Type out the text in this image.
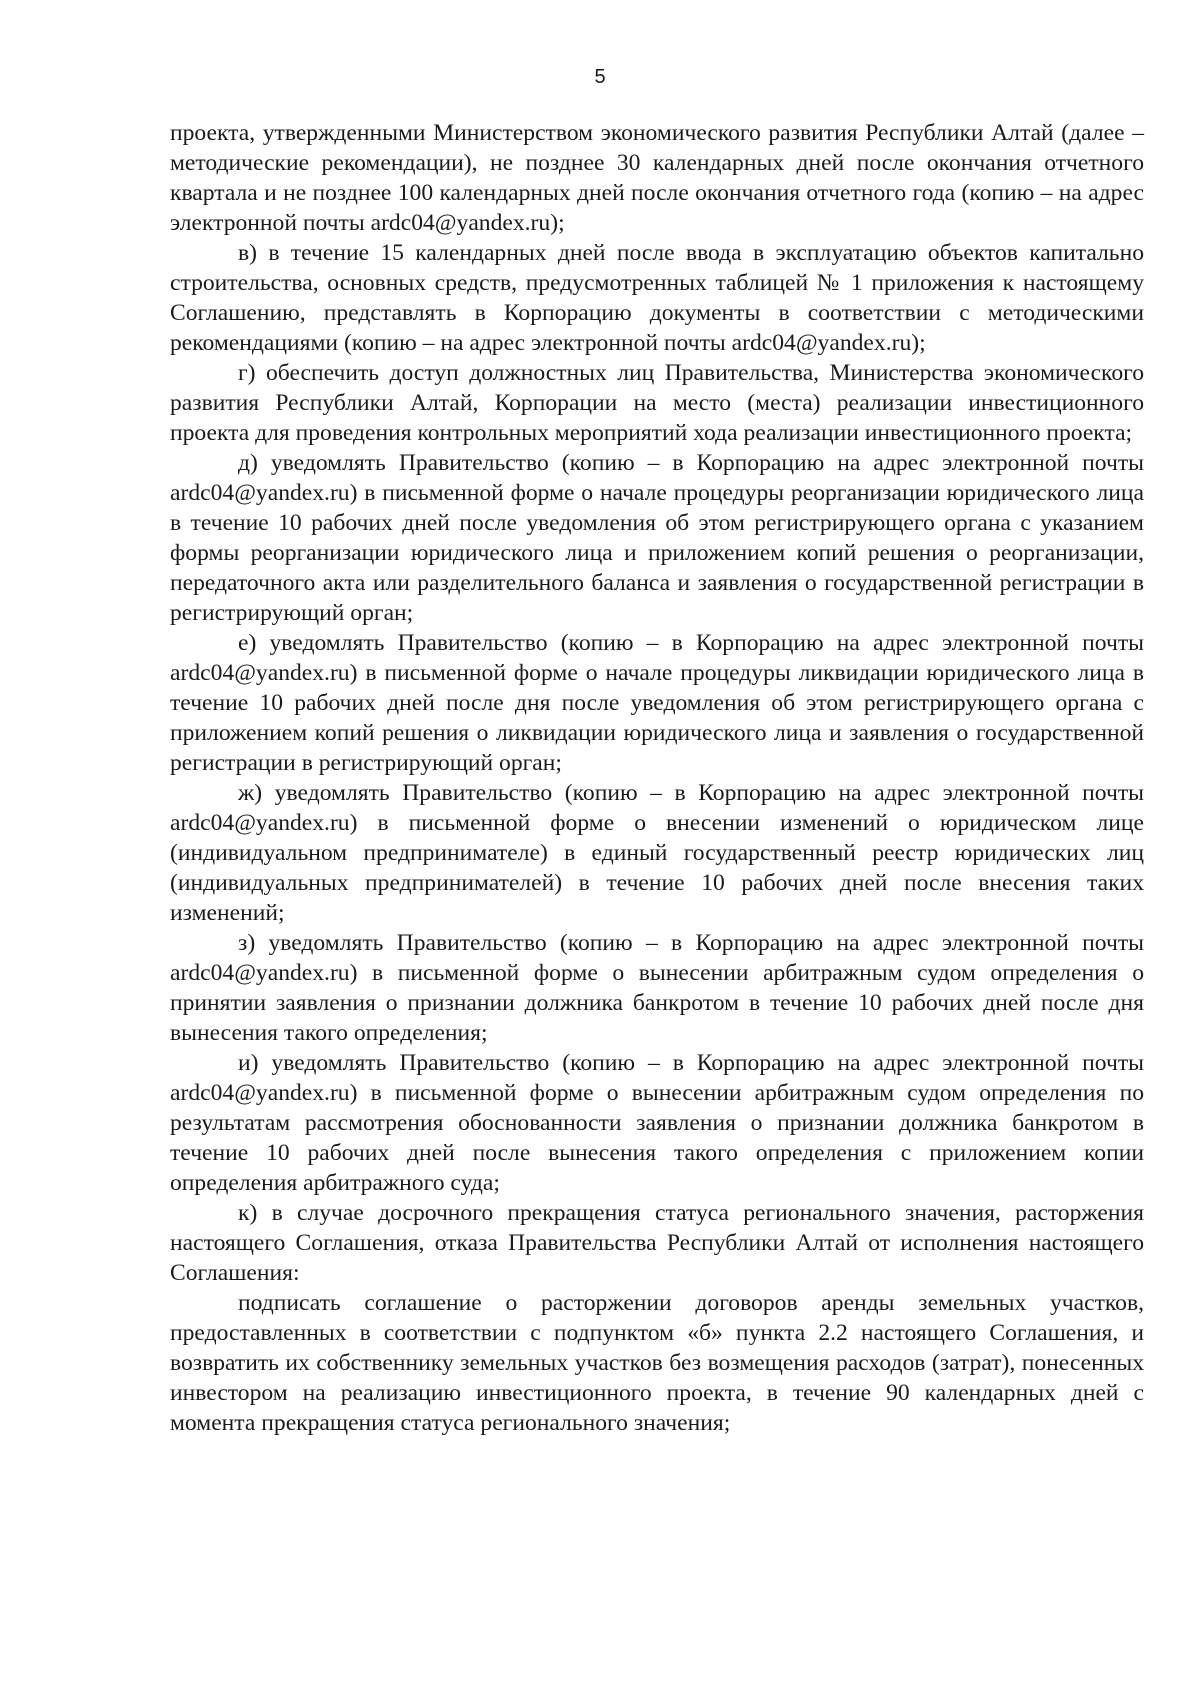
5

проекта, утвержденными Министерством экономического развития Республики Алтай (далее – методические рекомендации), не позднее 30 календарных дней после окончания отчетного квартала и не позднее 100 календарных дней после окончания отчетного года (копию – на адрес электронной почты ardc04@yandex.ru);

в) в течение 15 календарных дней после ввода в эксплуатацию объектов капитально строительства, основных средств, предусмотренных таблицей № 1 приложения к настоящему Соглашению, представлять в Корпорацию документы в соответствии с методическими рекомендациями (копию – на адрес электронной почты ardc04@yandex.ru);

г) обеспечить доступ должностных лиц Правительства, Министерства экономического развития Республики Алтай, Корпорации на место (места) реализации инвестиционного проекта для проведения контрольных мероприятий хода реализации инвестиционного проекта;

д) уведомлять Правительство (копию – в Корпорацию на адрес электронной почты ardc04@yandex.ru) в письменной форме о начале процедуры реорганизации юридического лица в течение 10 рабочих дней после уведомления об этом регистрирующего органа с указанием формы реорганизации юридического лица и приложением копий решения о реорганизации, передаточного акта или разделительного баланса и заявления о государственной регистрации в регистрирующий орган;

е) уведомлять Правительство (копию – в Корпорацию на адрес электронной почты ardc04@yandex.ru) в письменной форме о начале процедуры ликвидации юридического лица в течение 10 рабочих дней после дня после уведомления об этом регистрирующего органа с приложением копий решения о ликвидации юридического лица и заявления о государственной регистрации в регистрирующий орган;

ж) уведомлять Правительство (копию – в Корпорацию на адрес электронной почты ardc04@yandex.ru) в письменной форме о внесении изменений о юридическом лице (индивидуальном предпринимателе) в единый государственный реестр юридических лиц (индивидуальных предпринимателей) в течение 10 рабочих дней после внесения таких изменений;

з) уведомлять Правительство (копию – в Корпорацию на адрес электронной почты ardc04@yandex.ru) в письменной форме о вынесении арбитражным судом определения о принятии заявления о признании должника банкротом в течение 10 рабочих дней после дня вынесения такого определения;

и) уведомлять Правительство (копию – в Корпорацию на адрес электронной почты ardc04@yandex.ru) в письменной форме о вынесении арбитражным судом определения по результатам рассмотрения обоснованности заявления о признании должника банкротом в течение 10 рабочих дней после вынесения такого определения с приложением копии определения арбитражного суда;

к) в случае досрочного прекращения статуса регионального значения, расторжения настоящего Соглашения, отказа Правительства Республики Алтай от исполнения настоящего Соглашения:

подписать соглашение о расторжении договоров аренды земельных участков, предоставленных в соответствии с подпунктом «б» пункта 2.2 настоящего Соглашения, и возвратить их собственнику земельных участков без возмещения расходов (затрат), понесенных инвестором на реализацию инвестиционного проекта, в течение 90 календарных дней с момента прекращения статуса регионального значения;
